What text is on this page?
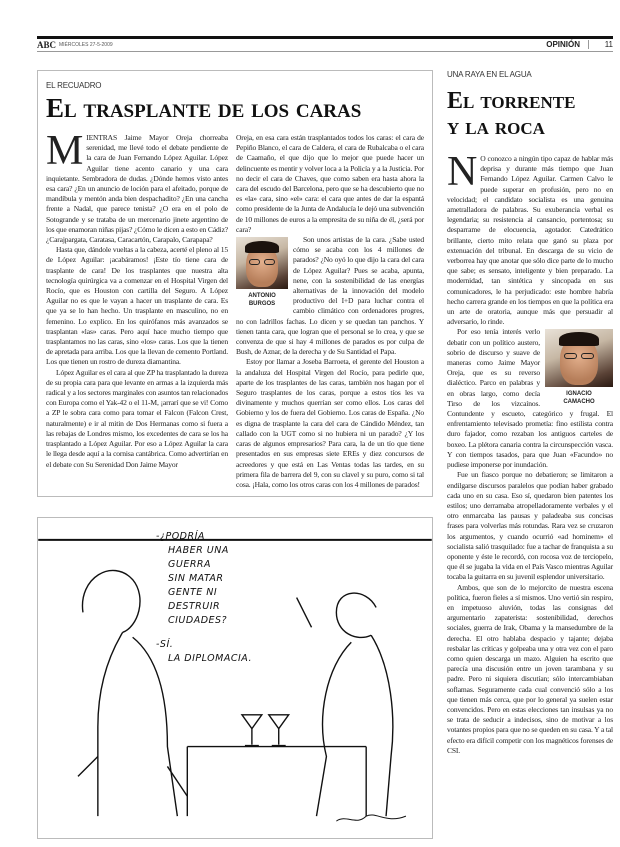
ABC MIÉRCOLES 27-5-2009	OPINIÓN	11
EL RECUADRO
El trasplante de los caras

MIENTRAS Jaime Mayor Oreja chorreaba serenidad, me llevé todo el debate pendiente de la cara de Juan Fernando López Aguilar. López Aguilar tiene acento canario y una cara inquietante. Sembradora de dudas. ¿Dónde hemos visto antes esa cara? ¿En un anuncio de loción para el afeitado, porque de mandíbula y mentón anda bien despachadito? ¿En una cancha frente a Nadal, que parece tenista? ¿O era en el polo de Sotogrande y se trataba de un mercenario jinete argentino de los que enamoran niñas pijas? ¿Cómo le dicen a esto en Cádiz? ¿Carajpargata, Caratasa, Caracartón, Carapalo, Carapapa?

Hasta que, dándole vueltas a la cabeza, acerté el pleno al 15 de López Aguilar: ¡acabáramos! ¡Este tío tiene cara de trasplante de cara! De los trasplantes que nuestra alta tecnología quirúrgica va a comenzar en el Hospital Virgen del Rocío, que es Houston con cartilla del Seguro. A López Aguilar no es que le vayan a hacer un trasplante de cara. Es que ya se lo han hecho. Un trasplante en masculino, no en femenino. Lo explico. En los quirófanos más avanzados se trasplantan «las» caras. Pero aquí hace mucho tiempo que trasplantamos no las caras, sino «los» caras. Los que la tienen de apretada para arriba. Los que la llevan de cemento Portland. Los que tienen un rostro de dureza diamantina.

López Aguilar es el cara al que ZP ha trasplantado la dureza de su propia cara para que levante en armas a la izquierda más radical y a los sectores marginales con asuntos tan relacionados con Europa como el Yak-42 o el 11-M, ¡arrarí que se vi! Como a ZP le sobra cara como para tomar el Falcon (Falcon Crest, naturalmente) e ir al mitin de Dos Hermanas como si fuera a las rebajas de Londres mismo, los excedentes de cara se los ha trasplantado a López Aguilar. Por eso a López Aguilar la cara le llega desde aquí a la cornisa cantábrica. Como advertirían en el debate con Su Serenidad Don Jaime Mayor

Oreja, en esa cara están trasplantados todos los caras: el cara de Pepiño Blanco, el cara de Caldera, el cara de Rubalcaba o el cara de Caamaño, el que dijo que lo mejor que puede hacer un delincuente es mentir y volver loca a la Policía y a la Justicia. Por no decir el cara de Chaves, que como saben era hasta ahora la cara del escudo del Barcelona, pero que se ha descubierto que no es «la» cara, sino «el» cara: el cara que antes de dar la espantá como presidente de la Junta de Andalucía le dejó una subvención de 10 millones de euros a la empresita de su niña de él, ¿será por cara?

ANTONIO
BURGOS
Son unos artistas de la cara. ¿Sabe usted cómo se acaba con los 4 millones de parados? ¿No oyó lo que dijo la cara del cara de López Aguilar? Pues se acaba, apunta, nene, con la sostenibilidad de las energías alternativas de la innovación del modelo productivo del I+D para luchar contra el cambio climático con ordenadores progres, no con ladrillos fachas. Lo dicen y se quedan tan panchos. Y tienen tanta cara, que logran que el personal se lo crea, y que se convenza de que si hay 4 millones de parados es por culpa de Bush, de Aznar, de la derecha y de Su Santidad el Papa.

Estoy por llamar a Joseba Barroeta, el gerente del Houston a la andaluza del Hospital Virgen del Rocío, para pedirle que, aparte de los trasplantes de las caras, también nos hagan por el Seguro trasplantes de los caras, porque a estos tíos les va divinamente y muchos querrían ser como ellos. Los caras del Gobierno y los de fuera del Gobierno. Los caras de España. ¿No es digna de trasplante la cara del cara de Cándido Méndez, tan callado con la UGT como si no hubiera ni un parado? ¿Y los caras de algunos empresarios? Para cara, la de un tío que tiene presentados en sus empresas siete EREs y diez concursos de acreedores y que está en Las Ventas todas las tardes, en su primera fila de barrera del 9, con su clavel y su puro, como si tal cosa. ¡Hala, como los otros caras con los 4 millones de parados!

-¿PODRÍA
HABER UNA
GUERRA
SIN MATAR
GENTE NI
DESTRUIR
CIUDADES?
-SÍ.
LA DIPLOMACIA.
UNA RAYA EN EL AGUA
El torrente
y la roca

N O conozco a ningún tipo capaz de hablar más deprisa y durante más tiempo que Juan Fernando López Aguilar. Carmen Calvo le puede superar en profusión, pero no en velocidad; el candidato socialista es una genuina ametralladora de palabras. Su exuberancia verbal es legendaria; su resistencia al cansancio, portentosa; su desparrame de elocuencia, agotador. Catedrático brillante, cierto mito relata que ganó su plaza por extenuación del tribunal. En descarga de su vicio de verborrea hay que anotar que sólo dice parte de lo mucho que sabe; es sensato, inteligente y bien preparado. La modernidad, tan sintética y sincopada en sus comunicadores, le ha perjudicado: este hombre habría hecho carrera grande en los tiempos en que la política era un arte de oratoria, aunque más que persuadir al adversario, lo rinde.

IGNACIO
CAMACHO
Por eso tenía interés verlo debatir con un político austero, sobrio de discurso y suave de maneras como Jaime Mayor Oreja, que es su reverso dialéctico. Parco en palabras y en obras largo, como decía Tirso de los vizcaínos. Contundente y escueto, categórico y frugal. El enfrentamiento televisado prometía: fino estilista contra duro fajador, como rezaban los antiguos carteles de boxeo. La plétora canaria contra la circunspección vasca. Y con tiempos tasados, para que Juan «Facundo» no pudiese imponerse por inundación.

Fue un fiasco porque no debatieron; se limitaron a endilgarse discursos paralelos que podían haber grabado cada uno en su casa. Eso sí, quedaron bien patentes los estilos; uno derramaba atropelladoramente verbales y el otro enmarcaba las pausas y paladeaba sus concisas frases para volverlas más rotundas. Rara vez se cruzaron los argumentos, y cuando ocurrió «ad hominem» el socialista salió trasquilado: fue a tachar de franquista a su oponente y éste le recordó, con rocosa voz de terciopelo, que él se jugaba la vida en el País Vasco mientras Aguilar tocaba la guitarra en su juvenil esplendor universitario.

Ambos, que son de lo mejorcito de nuestra escena política, fueron fieles a sí mismos. Uno vertió sin respiro, en impetuoso aluvión, todas las consignas del argumentario zapaterista: sostenibilidad, derechos sociales, guerra de Irak, Obama y la mansedumbre de la derecha. El otro hablaba despacio y tajante; dejaba resbalar las críticas y golpeaba una y otra vez con el paro como quien descarga un mazo. Alguien ha escrito que parecía una discusión entre un joven tarambana y su padre. Pero ni siquiera discutían; sólo intercambiaban soflamas. Seguramente cada cual convenció sólo a los que tienen más cerca, que por lo general ya suelen estar convencidos. Pero en estas elecciones tan insulsas ya no se trata de seducir a indecisos, sino de motivar a los votantes propios para que no se queden en su casa. Y a tal efecto era difícil competir con los magnéticos forenses de CSI.
